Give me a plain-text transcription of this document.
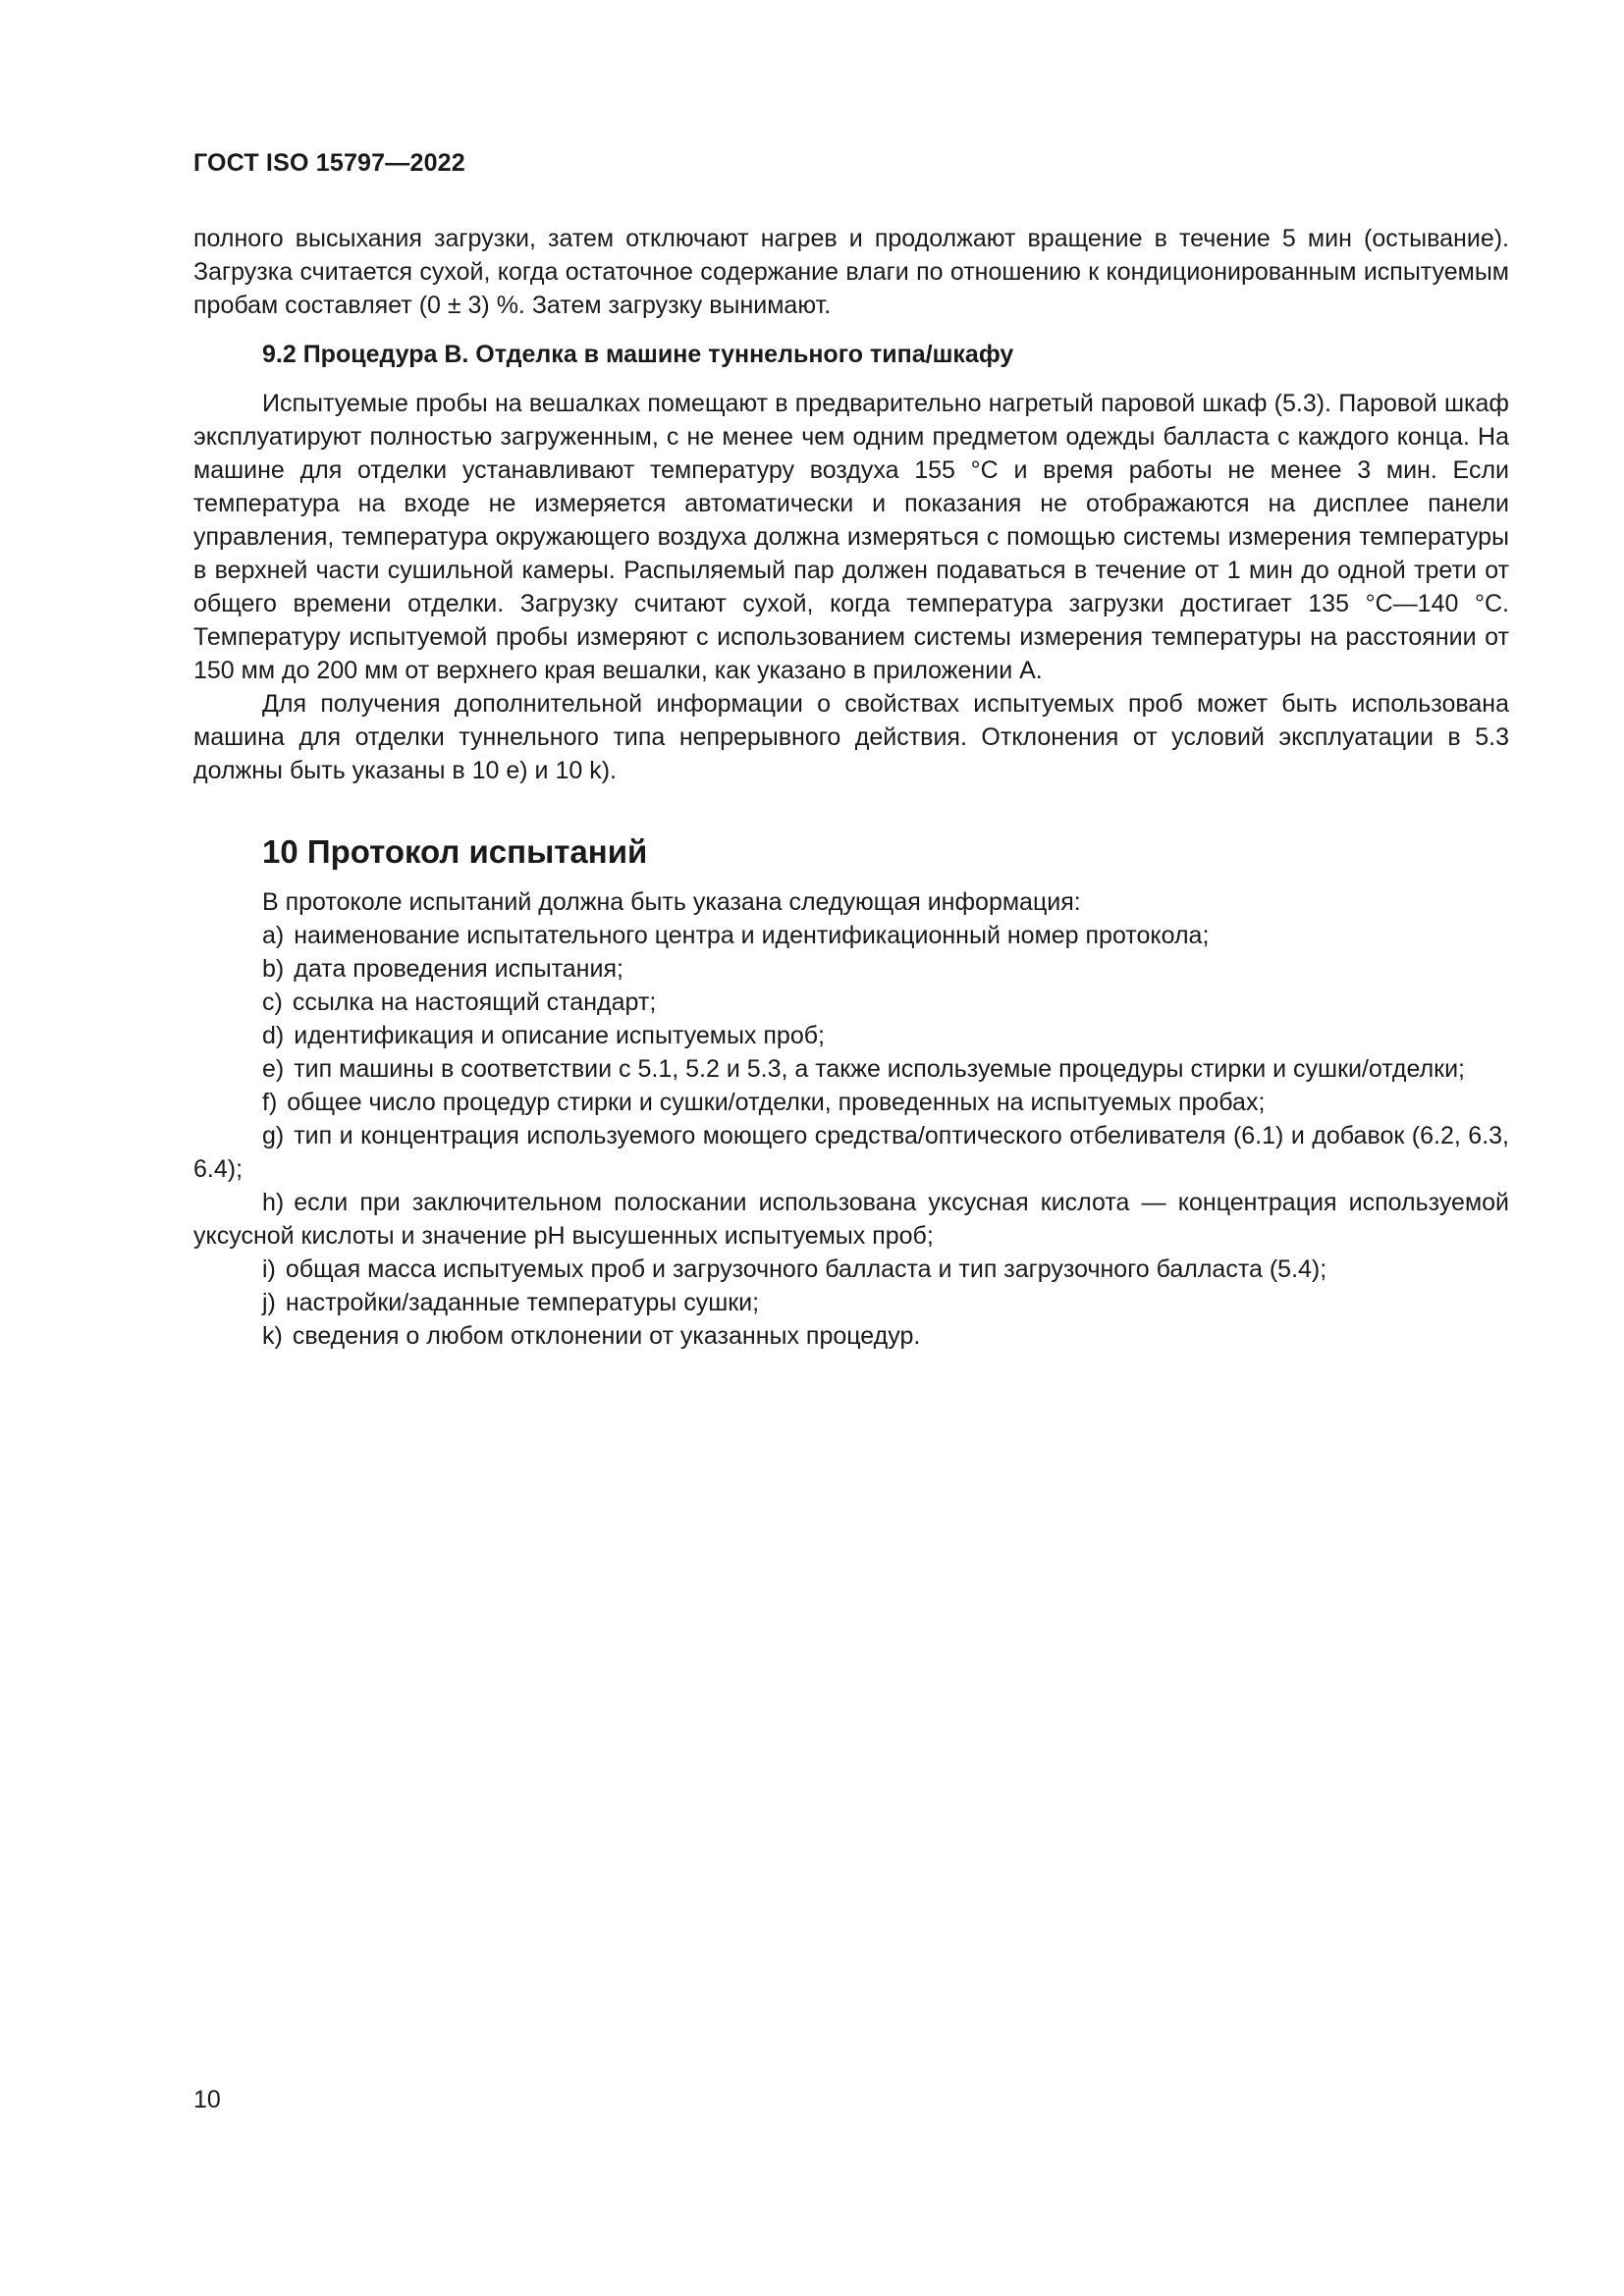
ГОСТ ISO 15797—2022

полного высыхания загрузки, затем отключают нагрев и продолжают вращение в течение 5 мин (остывание). Загрузка считается сухой, когда остаточное содержание влаги по отношению к кондиционированным испытуемым пробам составляет (0 ± 3) %. Затем загрузку вынимают.

9.2 Процедура B. Отделка в машине туннельного типа/шкафу

Испытуемые пробы на вешалках помещают в предварительно нагретый паровой шкаф (5.3). Паровой шкаф эксплуатируют полностью загруженным, с не менее чем одним предметом одежды балласта с каждого конца. На машине для отделки устанавливают температуру воздуха 155 °C и время работы не менее 3 мин. Если температура на входе не измеряется автоматически и показания не отображаются на дисплее панели управления, температура окружающего воздуха должна измеряться с помощью системы измерения температуры в верхней части сушильной камеры. Распыляемый пар должен подаваться в течение от 1 мин до одной трети от общего времени отделки. Загрузку считают сухой, когда температура загрузки достигает 135 °C—140 °C. Температуру испытуемой пробы измеряют с использованием системы измерения температуры на расстоянии от 150 мм до 200 мм от верхнего края вешалки, как указано в приложении А.

Для получения дополнительной информации о свойствах испытуемых проб может быть использована машина для отделки туннельного типа непрерывного действия. Отклонения от условий эксплуатации в 5.3 должны быть указаны в 10 е) и 10 k).

10 Протокол испытаний

В протоколе испытаний должна быть указана следующая информация:

a) наименование испытательного центра и идентификационный номер протокола;

b) дата проведения испытания;

c) ссылка на настоящий стандарт;

d) идентификация и описание испытуемых проб;

e) тип машины в соответствии с 5.1, 5.2 и 5.3, а также используемые процедуры стирки и сушки/отделки;

f) общее число процедур стирки и сушки/отделки, проведенных на испытуемых пробах;

g) тип и концентрация используемого моющего средства/оптического отбеливателя (6.1) и добавок (6.2, 6.3, 6.4);

h) если при заключительном полоскании использована уксусная кислота — концентрация используемой уксусной кислоты и значение pH высушенных испытуемых проб;

i) общая масса испытуемых проб и загрузочного балласта и тип загрузочного балласта (5.4);

j) настройки/заданные температуры сушки;

k) сведения о любом отклонении от указанных процедур.

10
